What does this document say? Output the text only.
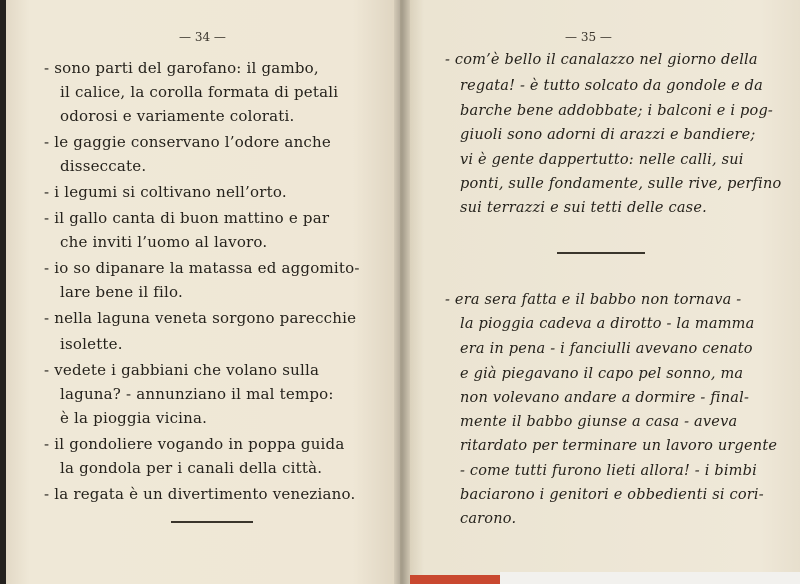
— 34 —	— 35 —
- sono parti del garofano: il gambo,
il calice, la corolla formata di petali
odorosi e variamente colorati.
- le gaggie conservano l’odore anche
disseccate.
- i legumi si coltivano nell’orto.
- il gallo canta di buon mattino e par
che inviti l’uomo al lavoro.
- io so dipanare la matassa ed aggomito-
lare bene il filo.
- nella laguna veneta sorgono parecchie
isolette.
- vedete i gabbiani che volano sulla
laguna? - annunziano il mal tempo:
è la pioggia vicina.
- il gondoliere vogando in poppa guida
la gondola per i canali della città.
- la regata è un divertimento veneziano.
- com’è bello il canalazzo nel giorno della
regata! - è tutto solcato da gondole e da
barche bene addobbate; i balconi e i pog-
giuoli sono adorni di arazzi e bandiere;
vi è gente dappertutto: nelle calli, sui
ponti, sulle fondamente, sulle rive, perfino
sui terrazzi e sui tetti delle case.
- era sera fatta e il babbo non tornava -
la pioggia cadeva a dirotto - la mamma
era in pena - i fanciulli avevano cenato
e già piegavano il capo pel sonno, ma
non volevano andare a dormire - final-
mente il babbo giunse a casa - aveva
ritardato per terminare un lavoro urgente
- come tutti furono lieti allora! - i bimbi
baciarono i genitori e obbedienti si cori-
carono.
